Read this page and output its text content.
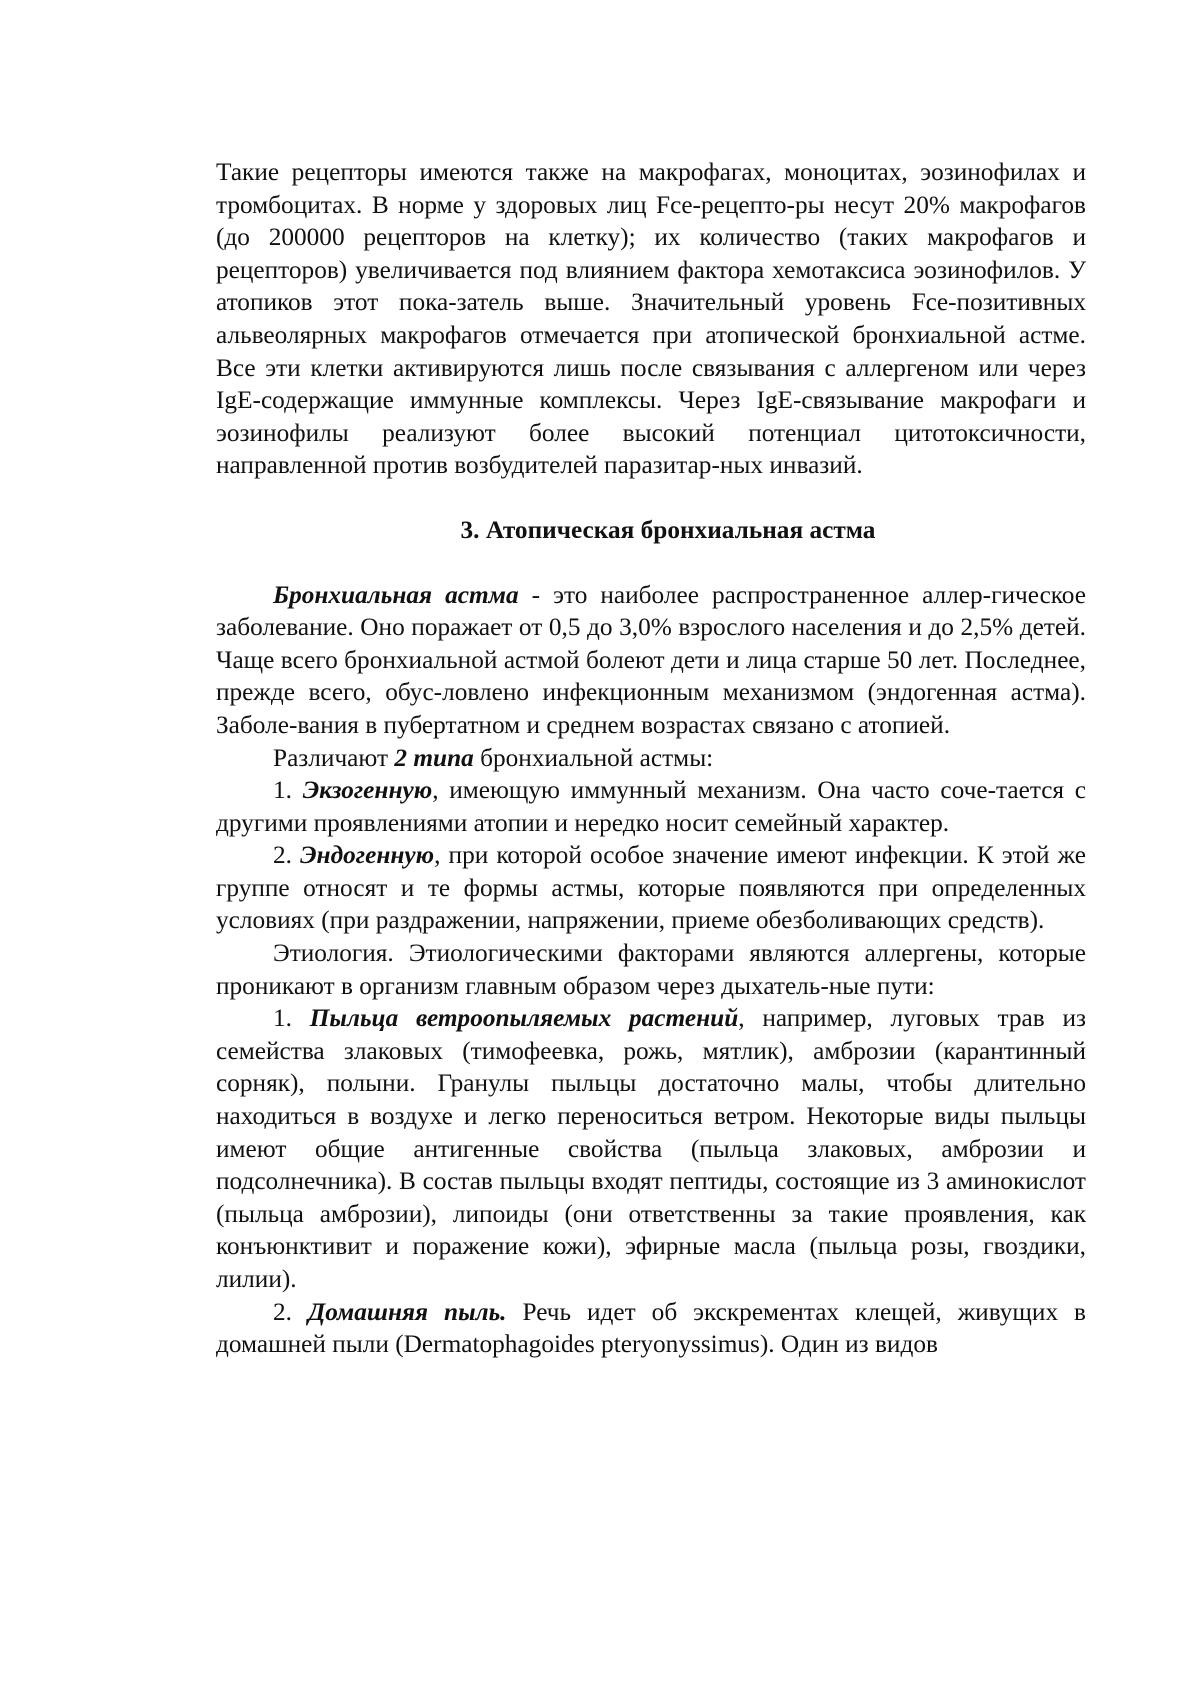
Такие рецепторы имеются также на макрофагах, моноцитах, эозинофилах и тромбоцитах. В норме у здоровых лиц Fce-рецепто-ры несут 20% макрофагов (до 200000 рецепторов на клетку); их количество (таких макрофагов и рецепторов) увеличивается под влиянием фактора хемотаксиса эозинофилов. У атопиков этот пока-затель выше. Значительный уровень Fce-позитивных альвеолярных макрофагов отмечается при атопической бронхиальной астме. Все эти клетки активируются лишь после связывания с аллергеном или через IgE-содержащие иммунные комплексы. Через IgE-связывание макрофаги и эозинофилы реализуют более высокий потенциал цитотоксичности, направленной против возбудителей паразитар-ных инвазий.

3. Атопическая бронхиальная астма

Бронхиальная астма - это наиболее распространенное аллер-гическое заболевание. Оно поражает от 0,5 до 3,0% взрослого населения и до 2,5% детей. Чаще всего бронхиальной астмой болеют дети и лица старше 50 лет. Последнее, прежде всего, обус-ловлено инфекционным механизмом (эндогенная астма). Заболе-вания в пубертатном и среднем возрастах связано с атопией.

Различают 2 типа бронхиальной астмы:

1. Экзогенную, имеющую иммунный механизм. Она часто соче-тается с другими проявлениями атопии и нередко носит семейный характер.

2. Эндогенную, при которой особое значение имеют инфекции. К этой же группе относят и те формы астмы, которые появляются при определенных условиях (при раздражении, напряжении, приеме обезболивающих средств).

Этиология. Этиологическими факторами являются аллергены, которые проникают в организм главным образом через дыхатель-ные пути:

1. Пыльца ветроопыляемых растений, например, луговых трав из семейства злаковых (тимофеевка, рожь, мятлик), амброзии (карантинный сорняк), полыни. Гранулы пыльцы достаточно малы, чтобы длительно находиться в воздухе и легко переноситься ветром. Некоторые виды пыльцы имеют общие антигенные свойства (пыльца злаковых, амброзии и подсолнечника). В состав пыльцы входят пептиды, состоящие из 3 аминокислот (пыльца амброзии), липоиды (они ответственны за такие проявления, как конъюнктивит и поражение кожи), эфирные масла (пыльца розы, гвоздики, лилии).

2. Домашняя пыль. Речь идет об экскрементах клещей, живущих в домашней пыли (Dermatophagoides pteryonyssimus). Один из видов
